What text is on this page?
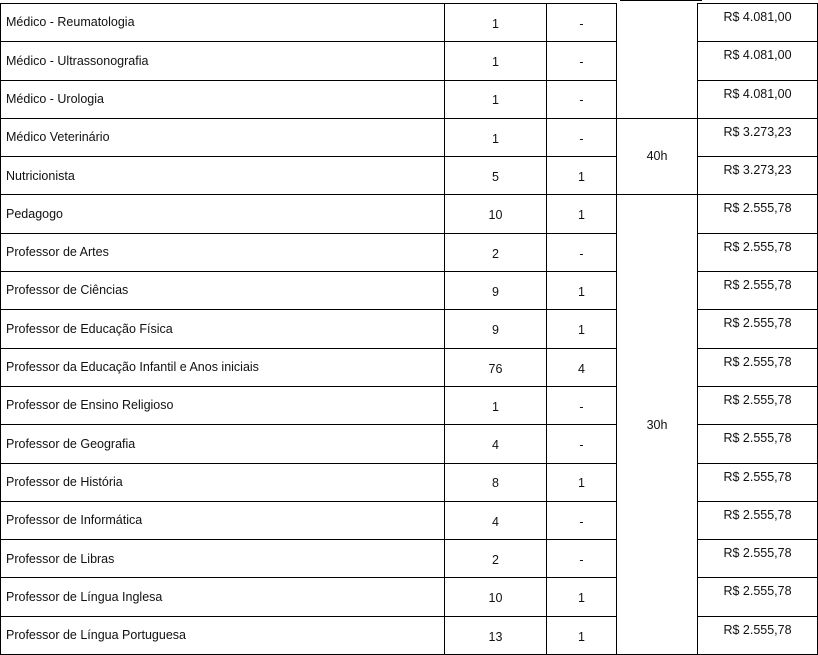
Médico - Reumatologia	1	-		R$ 4.081,00
Médico - Ultrassonografia	1	-		R$ 4.081,00
Médico - Urologia	1	-		R$ 4.081,00
Médico Veterinário	1	-	40h	R$ 3.273,23
Nutricionista	5	1		R$ 3.273,23
Pedagogo	10	1	30h	R$ 2.555,78
Professor de Artes	2	-		R$ 2.555,78
Professor de Ciências	9	1		R$ 2.555,78
Professor de Educação Física	9	1		R$ 2.555,78
Professor da Educação Infantil e Anos iniciais	76	4		R$ 2.555,78
Professor de Ensino Religioso	1	-		R$ 2.555,78
Professor de Geografia	4	-		R$ 2.555,78
Professor de História	8	1		R$ 2.555,78
Professor de Informática	4	-		R$ 2.555,78
Professor de Libras	2	-		R$ 2.555,78
Professor de Língua Inglesa	10	1		R$ 2.555,78
Professor de Língua Portuguesa	13	1		R$ 2.555,78
